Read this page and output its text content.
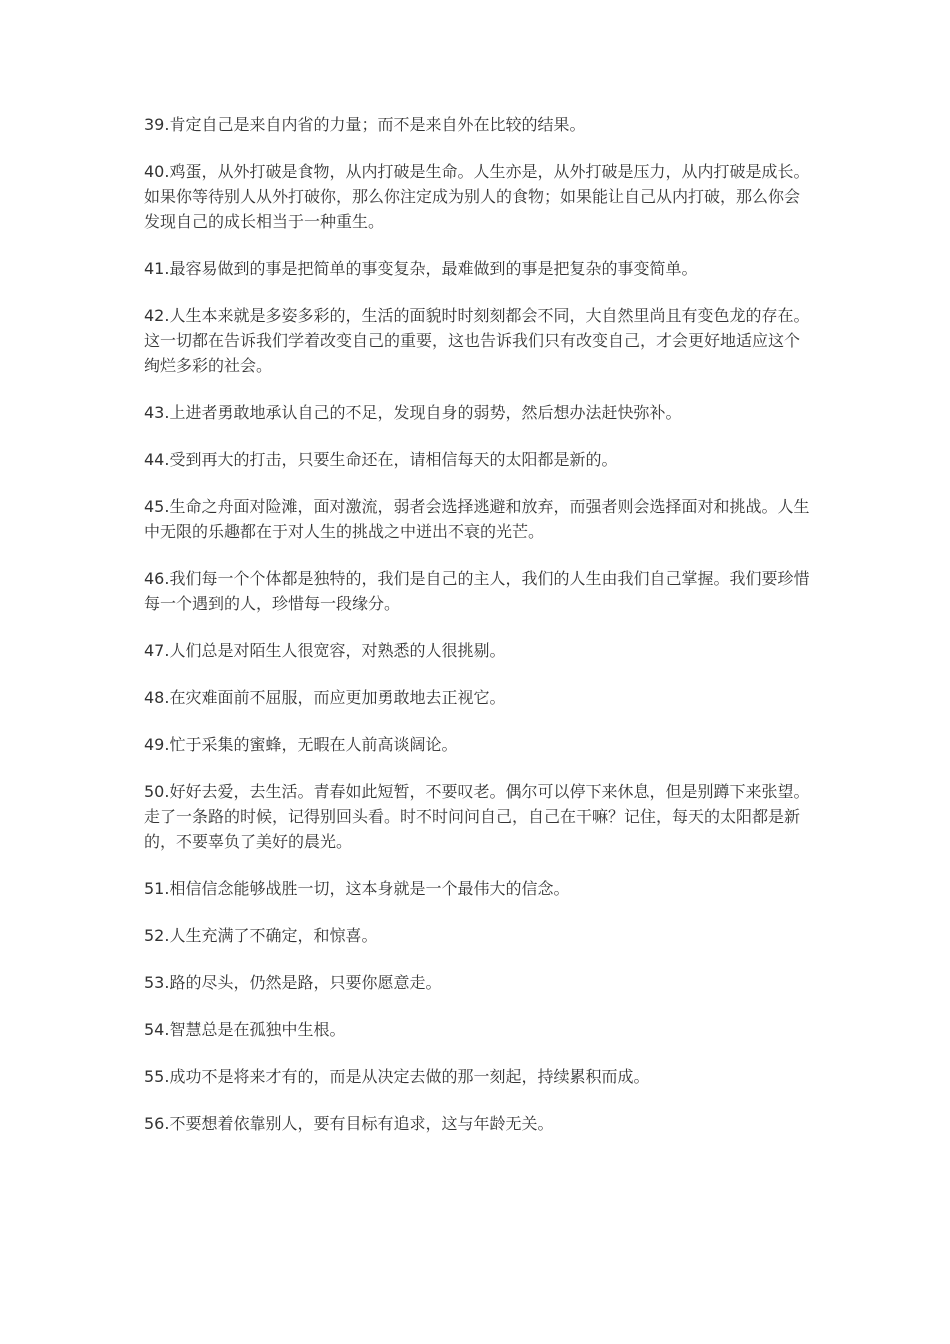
39.肯定自己是来自内省的力量；而不是来自外在比较的结果。

40.鸡蛋，从外打破是食物，从内打破是生命。人生亦是，从外打破是压力，从内打破是成长。如果你等待别人从外打破你，那么你注定成为别人的食物；如果能让自己从内打破，那么你会发现自己的成长相当于一种重生。

41.最容易做到的事是把简单的事变复杂，最难做到的事是把复杂的事变简单。

42.人生本来就是多姿多彩的，生活的面貌时时刻刻都会不同，大自然里尚且有变色龙的存在。这一切都在告诉我们学着改变自己的重要，这也告诉我们只有改变自己，才会更好地适应这个绚烂多彩的社会。

43.上进者勇敢地承认自己的不足，发现自身的弱势，然后想办法赶快弥补。

44.受到再大的打击，只要生命还在，请相信每天的太阳都是新的。

45.生命之舟面对险滩，面对激流，弱者会选择逃避和放弃，而强者则会选择面对和挑战。人生中无限的乐趣都在于对人生的挑战之中迸出不衰的光芒。

46.我们每一个个体都是独特的，我们是自己的主人，我们的人生由我们自己掌握。我们要珍惜每一个遇到的人，珍惜每一段缘分。

47.人们总是对陌生人很宽容，对熟悉的人很挑剔。

48.在灾难面前不屈服，而应更加勇敢地去正视它。

49.忙于采集的蜜蜂，无暇在人前高谈阔论。

50.好好去爱，去生活。青春如此短暂，不要叹老。偶尔可以停下来休息，但是别蹲下来张望。走了一条路的时候，记得别回头看。时不时问问自己，自己在干嘛？记住，每天的太阳都是新的，不要辜负了美好的晨光。

51.相信信念能够战胜一切，这本身就是一个最伟大的信念。

52.人生充满了不确定，和惊喜。

53.路的尽头，仍然是路，只要你愿意走。

54.智慧总是在孤独中生根。

55.成功不是将来才有的，而是从决定去做的那一刻起，持续累积而成。

56.不要想着依靠别人，要有目标有追求，这与年龄无关。
